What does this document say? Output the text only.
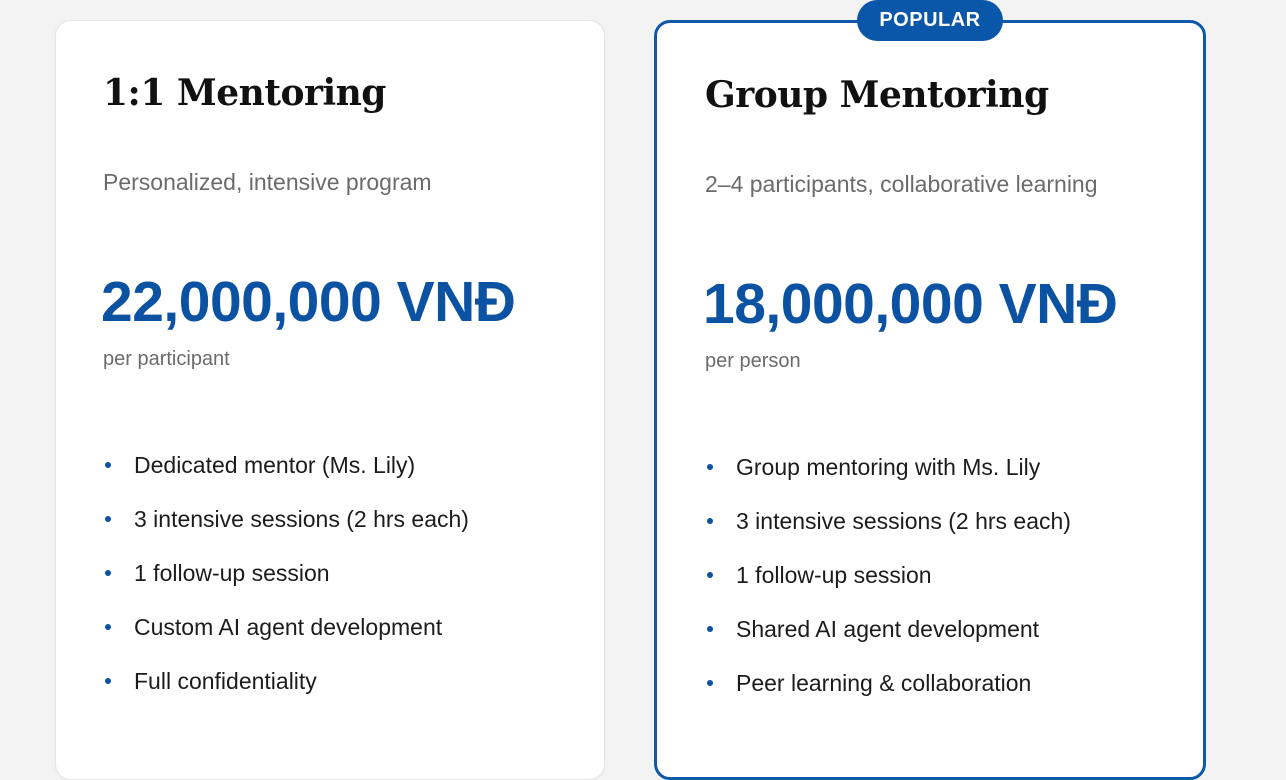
1:1 Mentoring
Personalized, intensive program
22,000,000 VNĐ
per participant
Dedicated mentor (Ms. Lily)
3 intensive sessions (2 hrs each)
1 follow-up session
Custom AI agent development
Full confidentiality
POPULAR
Group Mentoring
2–4 participants, collaborative learning
18,000,000 VNĐ
per person
Group mentoring with Ms. Lily
3 intensive sessions (2 hrs each)
1 follow-up session
Shared AI agent development
Peer learning & collaboration
